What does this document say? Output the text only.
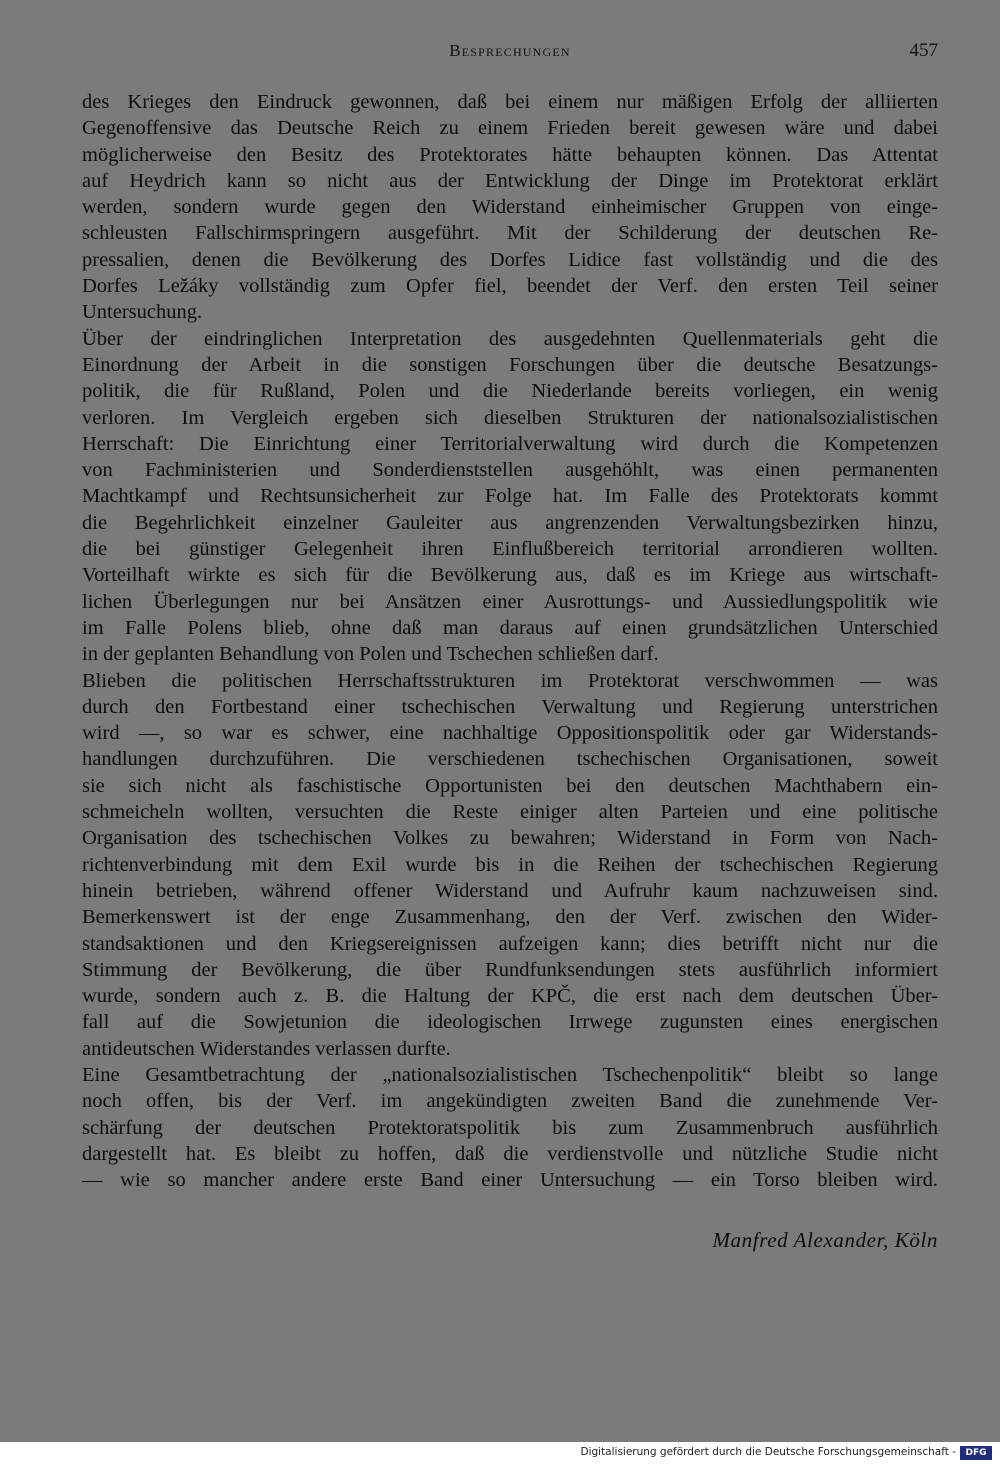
Besprechungen	457
des Krieges den Eindruck gewonnen, daß bei einem nur mäßigen Erfolg der alliierten
Gegenoffensive das Deutsche Reich zu einem Frieden bereit gewesen wäre und dabei
möglicherweise den Besitz des Protektorates hätte behaupten können. Das Attentat
auf Heydrich kann so nicht aus der Entwicklung der Dinge im Protektorat erklärt
werden, sondern wurde gegen den Widerstand einheimischer Gruppen von einge-
schleusten Fallschirmspringern ausgeführt. Mit der Schilderung der deutschen Re-
pressalien, denen die Bevölkerung des Dorfes Lidice fast vollständig und die des
Dorfes Ležáky vollständig zum Opfer fiel, beendet der Verf. den ersten Teil seiner
Untersuchung.
Über der eindringlichen Interpretation des ausgedehnten Quellenmaterials geht die
Einordnung der Arbeit in die sonstigen Forschungen über die deutsche Besatzungs-
politik, die für Rußland, Polen und die Niederlande bereits vorliegen, ein wenig
verloren. Im Vergleich ergeben sich dieselben Strukturen der nationalsozialistischen
Herrschaft: Die Einrichtung einer Territorialverwaltung wird durch die Kompetenzen
von Fachministerien und Sonderdienststellen ausgehöhlt, was einen permanenten
Machtkampf und Rechtsunsicherheit zur Folge hat. Im Falle des Protektorats kommt
die Begehrlichkeit einzelner Gauleiter aus angrenzenden Verwaltungsbezirken hinzu,
die bei günstiger Gelegenheit ihren Einflußbereich territorial arrondieren wollten.
Vorteilhaft wirkte es sich für die Bevölkerung aus, daß es im Kriege aus wirtschaft-
lichen Überlegungen nur bei Ansätzen einer Ausrottungs- und Aussiedlungspolitik wie
im Falle Polens blieb, ohne daß man daraus auf einen grundsätzlichen Unterschied
in der geplanten Behandlung von Polen und Tschechen schließen darf.
Blieben die politischen Herrschaftsstrukturen im Protektorat verschwommen — was
durch den Fortbestand einer tschechischen Verwaltung und Regierung unterstrichen
wird —, so war es schwer, eine nachhaltige Oppositionspolitik oder gar Widerstands-
handlungen durchzuführen. Die verschiedenen tschechischen Organisationen, soweit
sie sich nicht als faschistische Opportunisten bei den deutschen Machthabern ein-
schmeicheln wollten, versuchten die Reste einiger alten Parteien und eine politische
Organisation des tschechischen Volkes zu bewahren; Widerstand in Form von Nach-
richtenverbindung mit dem Exil wurde bis in die Reihen der tschechischen Regierung
hinein betrieben, während offener Widerstand und Aufruhr kaum nachzuweisen sind.
Bemerkenswert ist der enge Zusammenhang, den der Verf. zwischen den Wider-
standsaktionen und den Kriegsereignissen aufzeigen kann; dies betrifft nicht nur die
Stimmung der Bevölkerung, die über Rundfunksendungen stets ausführlich informiert
wurde, sondern auch z. B. die Haltung der KPČ, die erst nach dem deutschen Über-
fall auf die Sowjetunion die ideologischen Irrwege zugunsten eines energischen
antideutschen Widerstandes verlassen durfte.
Eine Gesamtbetrachtung der „nationalsozialistischen Tschechenpolitik“ bleibt so lange
noch offen, bis der Verf. im angekündigten zweiten Band die zunehmende Ver-
schärfung der deutschen Protektoratspolitik bis zum Zusammenbruch ausführlich
dargestellt hat. Es bleibt zu hoffen, daß die verdienstvolle und nützliche Studie nicht
— wie so mancher andere erste Band einer Untersuchung — ein Torso bleiben wird.
Manfred Alexander, Köln
Digitalisierung gefördert durch die Deutsche Forschungsgemeinschaft -	DFG
